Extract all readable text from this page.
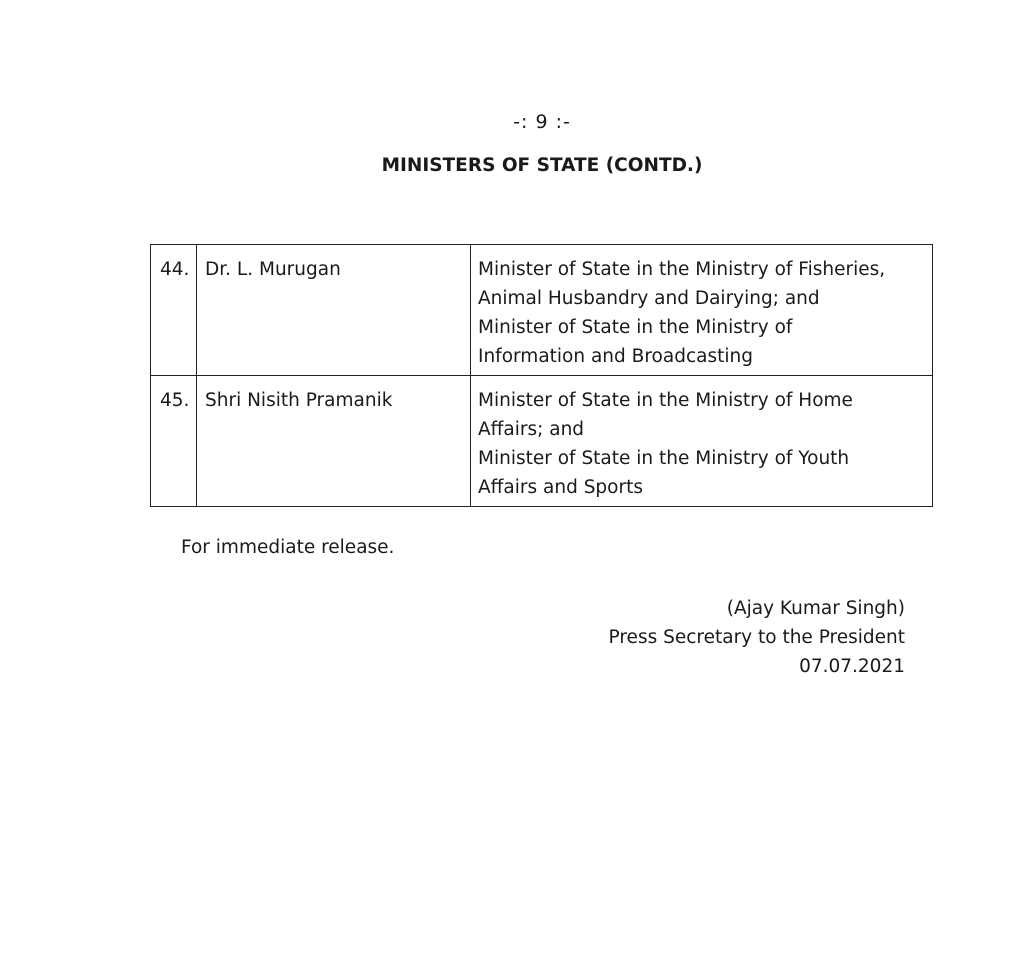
-: 9 :-
MINISTERS OF STATE (CONTD.)
44.	Dr. L. Murugan	Minister of State in the Ministry of Fisheries,
Animal Husbandry and Dairying; and
Minister of State in the Ministry of
Information and Broadcasting

45.	Shri Nisith Pramanik	Minister of State in the Ministry of Home
Affairs; and
Minister of State in the Ministry of Youth
Affairs and Sports
For immediate release.
(Ajay Kumar Singh)
Press Secretary to the President
07.07.2021
